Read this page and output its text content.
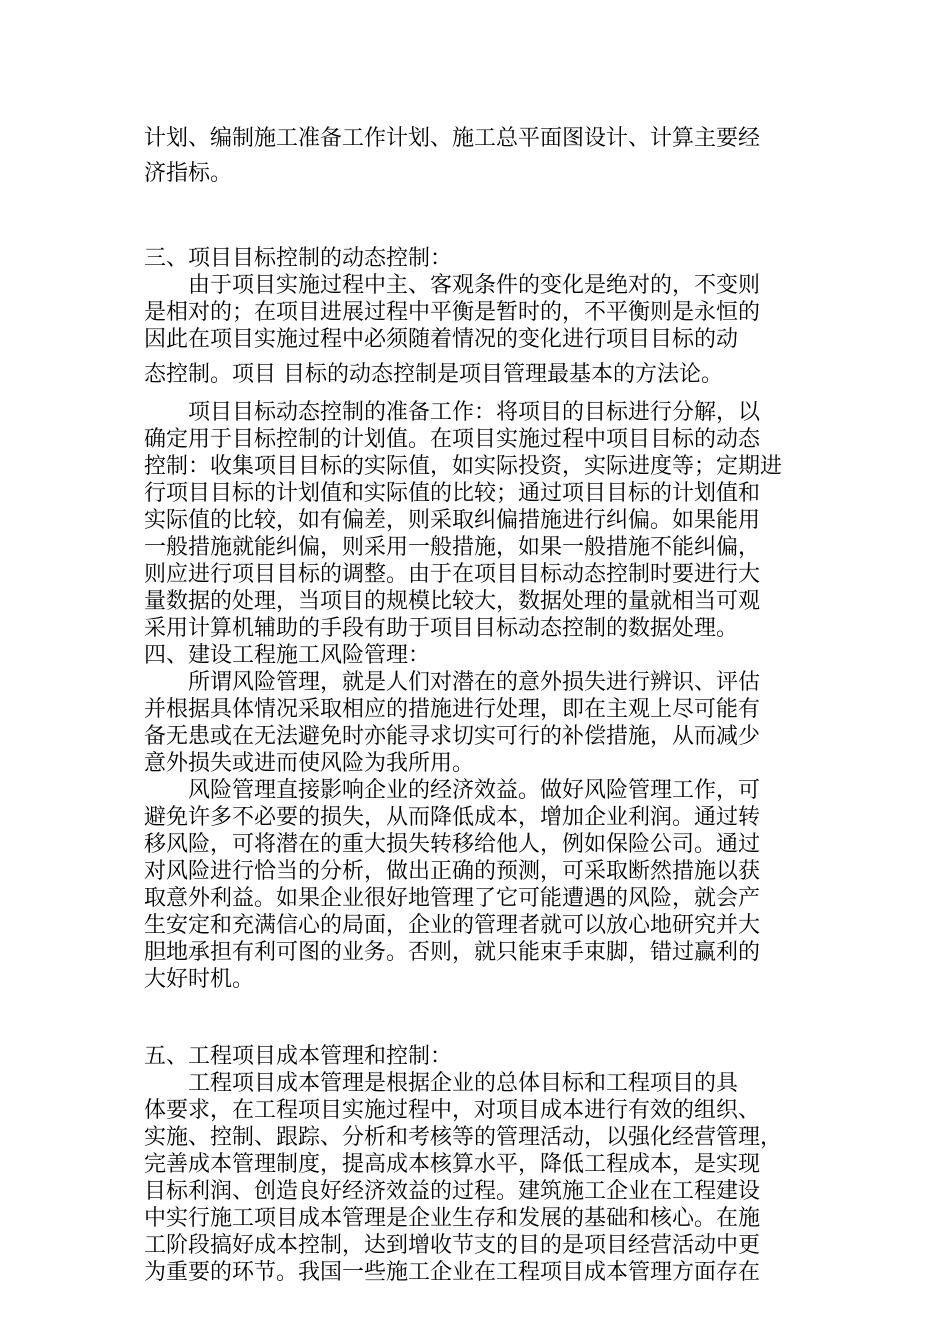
计划、编制施工准备工作计划、施工总平面图设计、计算主要经
济指标。
三、项目目标控制的动态控制：
　　由于项目实施过程中主、客观条件的变化是绝对的，不变则
是相对的；在项目进展过程中平衡是暂时的，不平衡则是永恒的
因此在项目实施过程中必须随着情况的变化进行项目目标的动
态控制。项目 目标的动态控制是项目管理最基本的方法论。
　　项目目标动态控制的准备工作：将项目的目标进行分解，以
确定用于目标控制的计划值。在项目实施过程中项目目标的动态
控制：收集项目目标的实际值，如实际投资，实际进度等；定期进
行项目目标的计划值和实际值的比较；通过项目目标的计划值和
实际值的比较，如有偏差，则采取纠偏措施进行纠偏。如果能用
一般措施就能纠偏，则采用一般措施，如果一般措施不能纠偏，
则应进行项目目标的调整。由于在项目目标动态控制时要进行大
量数据的处理，当项目的规模比较大，数据处理的量就相当可观
采用计算机辅助的手段有助于项目目标动态控制的数据处理。
四、建设工程施工风险管理：
　　所谓风险管理，就是人们对潜在的意外损失进行辨识、评估
并根据具体情况采取相应的措施进行处理，即在主观上尽可能有
备无患或在无法避免时亦能寻求切实可行的补偿措施，从而减少
意外损失或进而使风险为我所用。
　　风险管理直接影响企业的经济效益。做好风险管理工作，可
避免许多不必要的损失，从而降低成本，增加企业利润。通过转
移风险，可将潜在的重大损失转移给他人，例如保险公司。通过
对风险进行恰当的分析，做出正确的预测，可采取断然措施以获
取意外利益。如果企业很好地管理了它可能遭遇的风险，就会产
生安定和充满信心的局面，企业的管理者就可以放心地研究并大
胆地承担有利可图的业务。否则，就只能束手束脚，错过赢利的
大好时机。
五、工程项目成本管理和控制：
　　工程项目成本管理是根据企业的总体目标和工程项目的具
体要求，在工程项目实施过程中，对项目成本进行有效的组织、
实施、控制、跟踪、分析和考核等的管理活动，以强化经营管理，
完善成本管理制度，提高成本核算水平，降低工程成本，是实现
目标利润、创造良好经济效益的过程。建筑施工企业在工程建设
中实行施工项目成本管理是企业生存和发展的基础和核心。在施
工阶段搞好成本控制，达到增收节支的目的是项目经营活动中更
为重要的环节。我国一些施工企业在工程项目成本管理方面存在
